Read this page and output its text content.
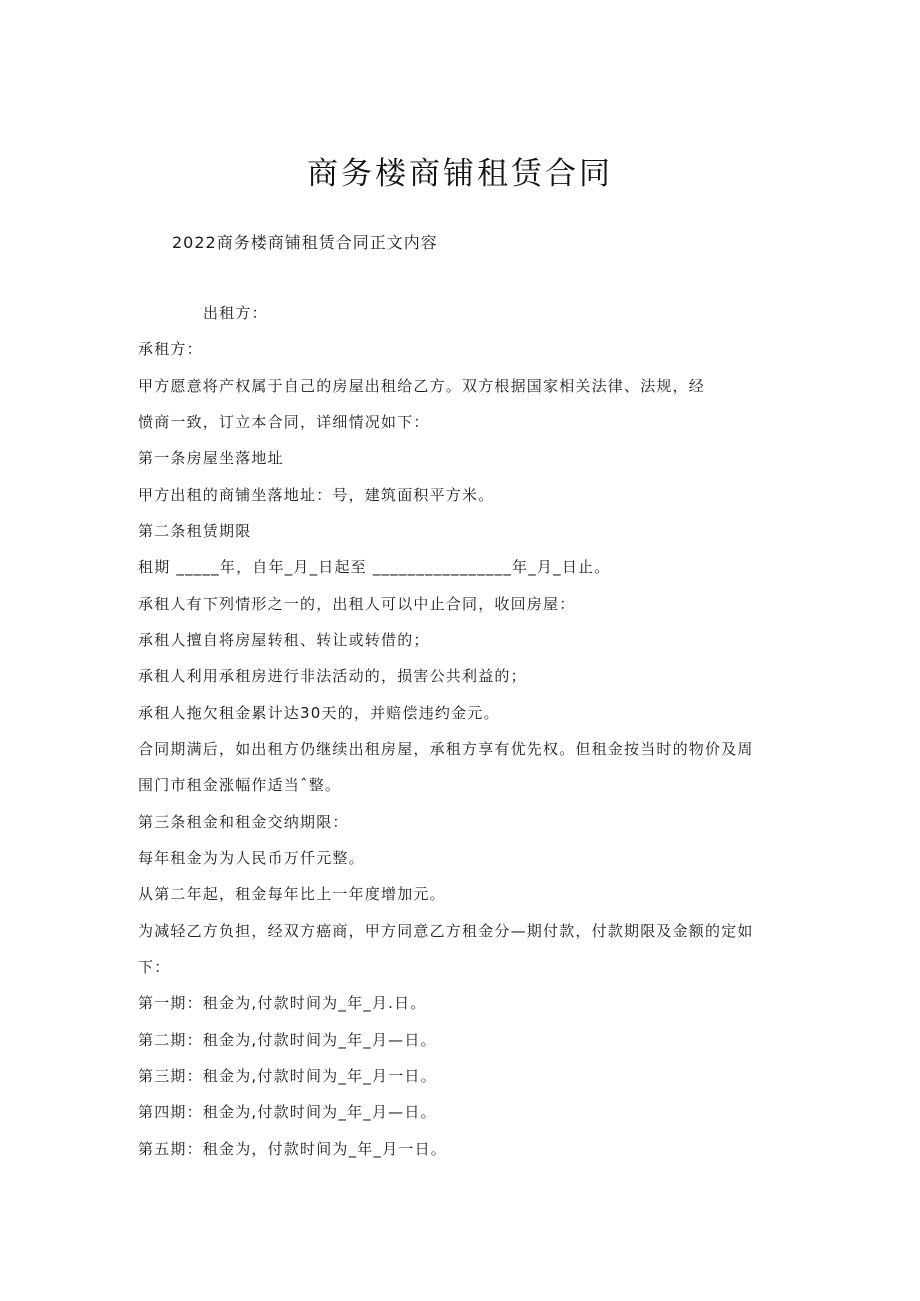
商务楼商铺租赁合同
2022商务楼商铺租赁合同正文内容
出租方：
承租方：
甲方愿意将产权属于自己的房屋出租给乙方。双方根据国家相关法律、法规，经
愤商一致，订立本合同，详细情况如下：
第一条房屋坐落地址
甲方出租的商铺坐落地址：号，建筑面积平方米。
第二条租赁期限
租期 _____年，自年_月_日起至 ________________年_月_日止。
承租人有下列情形之一的，出租人可以中止合同，收回房屋：
承租人擅自将房屋转租、转让或转借的；
承租人利用承租房进行非法活动的，损害公共利益的；
承租人拖欠租金累计达30天的，并赔偿违约金元。
合同期满后，如出租方仍继续出租房屋，承租方享有优先权。但租金按当时的物价及周
围门市租金涨幅作适当ˆ整。
第三条租金和租金交纳期限：
每年租金为为人民币万仟元整。
从第二年起，租金每年比上一年度增加元。
为减轻乙方负担，经双方癌商，甲方同意乙方租金分—期付款，付款期限及金额的定如
下：
第一期：租金为,付款时间为_年_月.日。
第二期：租金为,付款时间为_年_月—日。
第三期：租金为,付款时间为_年_月一日。
第四期：租金为,付款时间为_年_月—日。
第五期：租金为，付款时间为_年_月一日。
